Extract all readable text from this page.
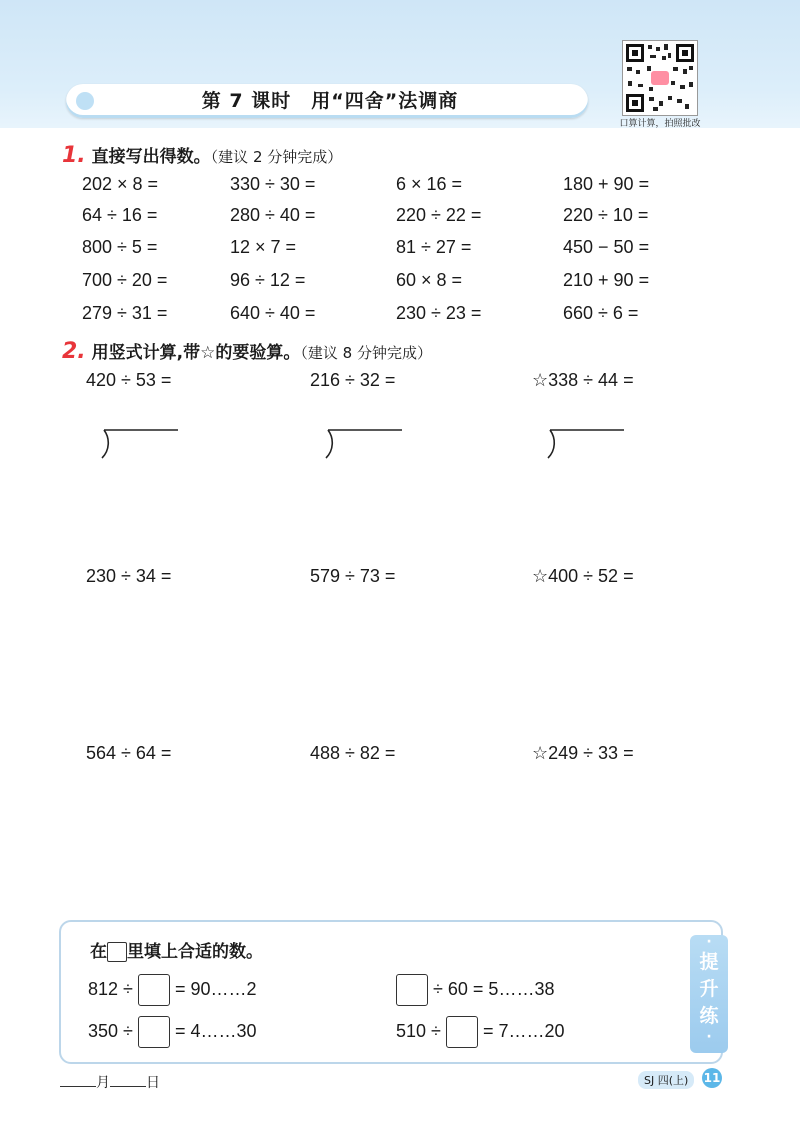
第 7 课时　用“四舍”法调商
口算计算，拍照批改
1. 直接写出得数。（建议 2 分钟完成）
202 × 8 =	330 ÷ 30 =	6 × 16 =	180 + 90 =
64 ÷ 16 =	280 ÷ 40 =	220 ÷ 22 =	220 ÷ 10 =
800 ÷ 5 =	12 × 7 =	81 ÷ 27 =	450 − 50 =
700 ÷ 20 =	96 ÷ 12 =	60 × 8 =	210 + 90 =
279 ÷ 31 =	640 ÷ 40 =	230 ÷ 23 =	660 ÷ 6 =
2. 用竖式计算,带☆的要验算。（建议 8 分钟完成）
420 ÷ 53 =	216 ÷ 32 =	☆338 ÷ 44 =
230 ÷ 34 =	579 ÷ 73 =	☆400 ÷ 52 =
564 ÷ 64 =	488 ÷ 82 =	☆249 ÷ 33 =
·
提
升
练
·
在 里填上合适的数。
812 ÷ = 90……2	÷ 60 = 5……38
350 ÷ = 4……30	510 ÷ = 7……20
月	日	SJ 四(上)	11
